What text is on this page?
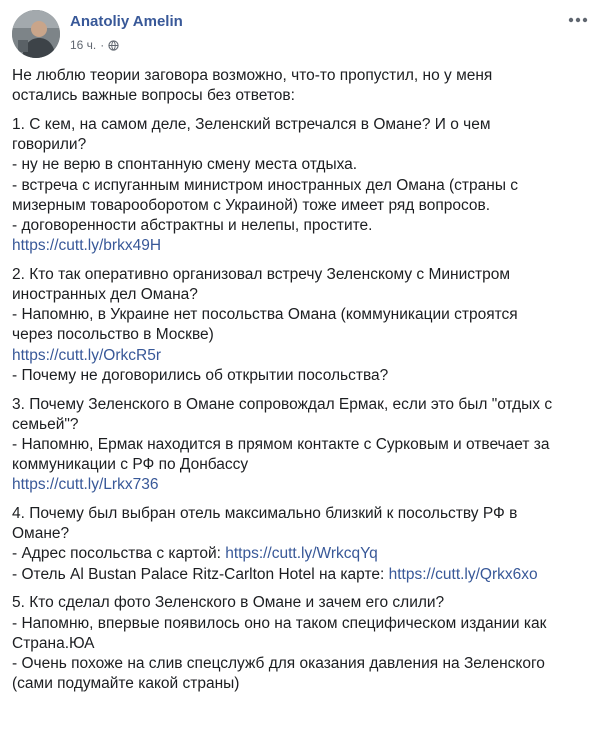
Anatoliy Amelin
16 ч. ·

Не люблю теории заговора возможно, что-то пропустил, но у меня
остались важные вопросы без ответов:

1. С кем, на самом деле, Зеленский встречался в Омане? И о чем
говорили?
- ну не верю в спонтанную смену места отдыха.
- встреча с испуганным министром иностранных дел Омана (страны с
мизерным товарооборотом с Украиной) тоже имеет ряд вопросов.
- договоренности абстрактны и нелепы, простите.
https://cutt.ly/brkx49H

2. Кто так оперативно организовал встречу Зеленскому с Министром
иностранных дел Омана?
- Напомню, в Украине нет посольства Омана (коммуникации строятся
через посольство в Москве)
https://cutt.ly/OrkcR5r
- Почему не договорились об открытии посольства?

3. Почему Зеленского в Омане сопровождал Ермак, если это был "отдых с
семьей"?
- Напомню, Ермак находится в прямом контакте с Сурковым и отвечает за
коммуникации с РФ по Донбассу
https://cutt.ly/Lrkx736

4. Почему был выбран отель максимально близкий к посольству РФ в
Омане?
- Адрес посольства с картой: https://cutt.ly/WrkcqYq
- Отель Al Bustan Palace Ritz-Carlton Hotel на карте: https://cutt.ly/Qrkx6xo

5. Кто сделал фото Зеленского в Омане и зачем его слили?
- Напомню, впервые появилось оно на таком специфическом издании как
Страна.ЮА
- Очень похоже на слив спецслужб для оказания давления на Зеленского
(сами подумайте какой страны)
